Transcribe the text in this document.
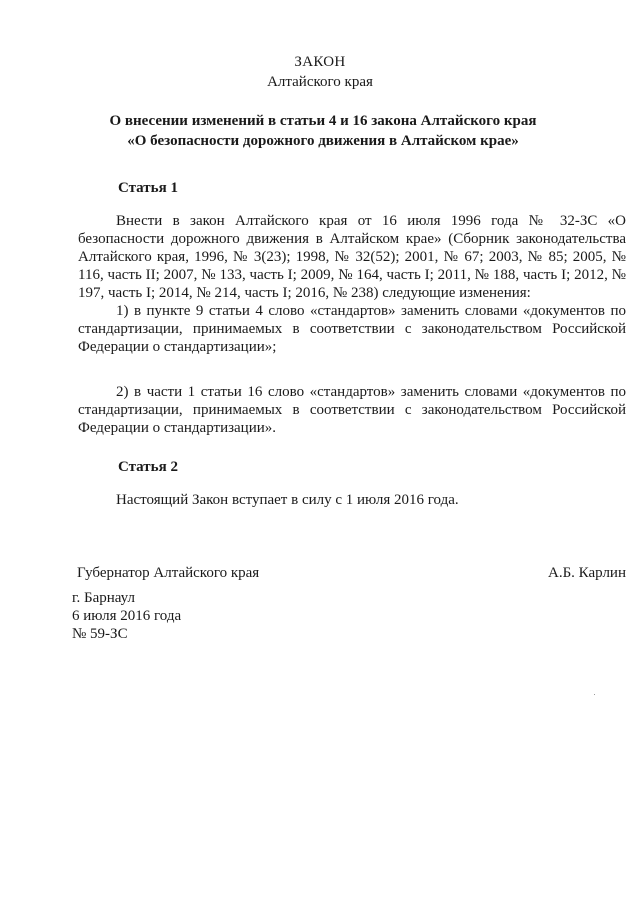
ЗАКОН
Алтайского края
О внесении изменений в статьи 4 и 16 закона Алтайского края «О безопасности дорожного движения в Алтайском крае»
Статья 1

Внести в закон Алтайского края от 16 июля 1996 года № 32-ЗС «О безопасности дорожного движения в Алтайском крае» (Сборник законодательства Алтайского края, 1996, № 3(23); 1998, № 32(52); 2001, № 67; 2003, № 85; 2005, № 116, часть II; 2007, № 133, часть I; 2009, № 164, часть I; 2011, № 188, часть I; 2012, № 197, часть I; 2014, № 214, часть I; 2016, № 238) следующие изменения:

1) в пункте 9 статьи 4 слово «стандартов» заменить словами «документов по стандартизации, принимаемых в соответствии с законодательством Российской Федерации о стандартизации»;

2) в части 1 статьи 16 слово «стандартов» заменить словами «документов по стандартизации, принимаемых в соответствии с законодательством Российской Федерации о стандартизации».

Статья 2

Настоящий Закон вступает в силу с 1 июля 2016 года.

Губернатор Алтайского края	А.Б. Карлин
г. Барнаул
6 июля 2016 года
№ 59-ЗС
